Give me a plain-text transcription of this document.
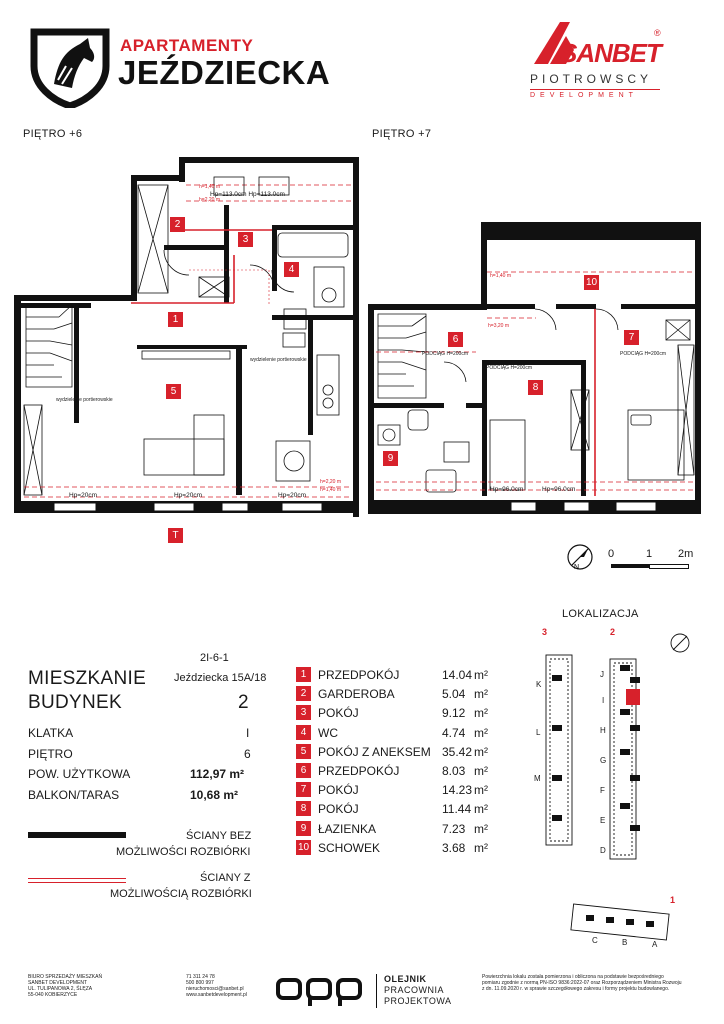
APARTAMENTY
JEŹDZIECKA
SANBET
®
PIOTROWSCY
DEVELOPMENT
PIĘTRO +6	PIĘTRO +7
2
3
4
1
5
T
Hp=113.0cm Hp=113.0cm
h=1,40 m
h=2,20 m
Hp=20cm	Hp=20cm	Hp=20cm
h=2,20 m
h=1,40 m
wydzielenie portierowskie
wydzielenie portierowskie
10
6	7
8
9
h=1,40 m
h=3,20 m
PODCIĄG H=200cm
PODCIĄG H=200cm
PODCIĄG H=200cm
Hp=96.0cm	Hp=96.0cm
N
0	1 2m
LOKALIZACJA
3	2
1
K
L
M
J
I
H
G
F
E
D
C	B	A
2I-6-1
MIESZKANIE	Jeździecka 15A/18
BUDYNEK	2
KLATKA	I
PIĘTRO	6
POW. UŻYTKOWA	112,97 m²
BALKON/TARAS	10,68 m²
ŚCIANY BEZ
MOŻLIWOŚCI ROZBIÓRKI
ŚCIANY Z
MOŻLIWOŚCIĄ ROZBIÓRKI
1 PRZEDPOKÓJ	14.04 m²
2 GARDEROBA	5.04 m²
3 POKÓJ	9.12 m²
4 WC	4.74 m²
5 POKÓJ Z ANEKSEM 35.42 m²
6 PRZEDPOKÓJ	8.03 m²
7 POKÓJ	14.23 m²
8 POKÓJ	11.44 m²
9 ŁAZIENKA	7.23 m²
10 SCHOWEK	3.68 m²
BIURO SPRZEDAŻY MIESZKAŃ
SANBET DEVELOPMENT
UL. TULIPANOWA 2, ŚLĘZA
55-040 KOBIERZYCE
71 311 24 78
500 800 997
nieruchomosci@sanbet.pl
www.sanbetdevelopment.pl
OLEJNIK
PRACOWNIA
PROJEKTOWA
Powierzchnia lokalu została pomierzona i obliczona na podstawie bezpośredniego
pomiaru zgodnie z normą PN-ISO 9836:2022-07 oraz Rozporządzeniem Ministra Rozwoju
z dn. 11.09.2020 r. w sprawie szczegółowego zakresu i formy projektu budowlanego.
